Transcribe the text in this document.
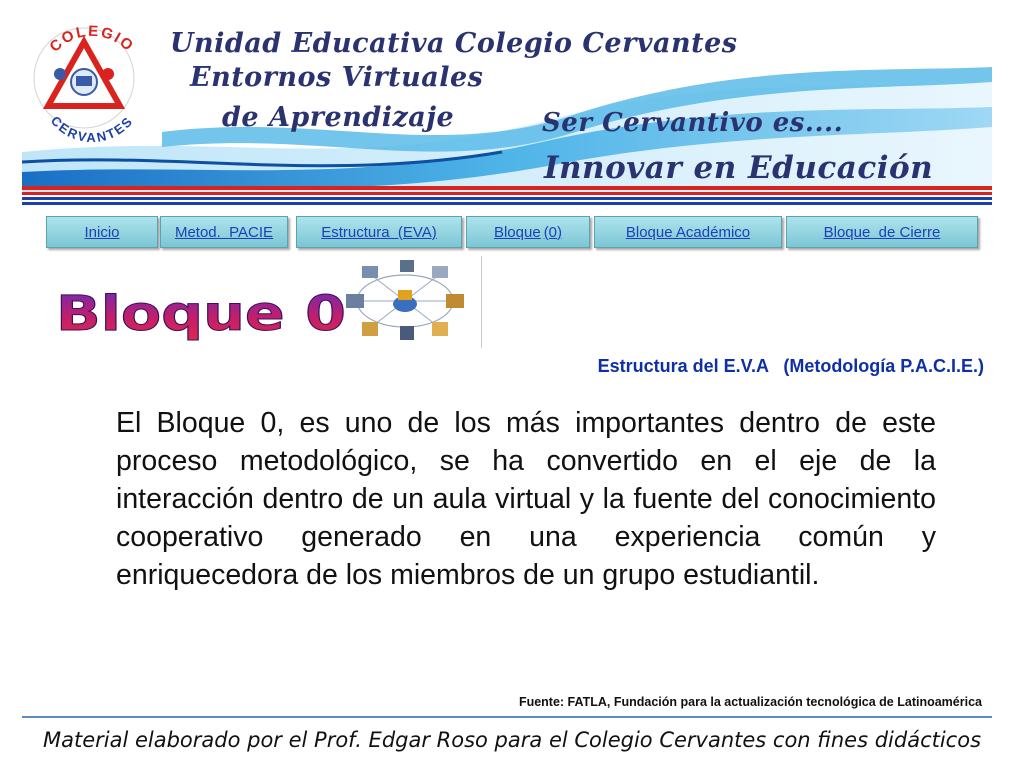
COLEGIO
CERVANTES
Unidad Educativa Colegio Cervantes
Entornos Virtuales
de Aprendizaje	Ser Cervantivo es....
Innovar en Educación
Inicio	Metod.  PACIE	Estructura  (EVA)	Bloque (0)	Bloque Académico	Bloque  de Cierre
Bloque 0
Estructura del E.V.A   (Metodología P.A.C.I.E.)
El Bloque 0, es uno de los más importantes dentro de este proceso metodológico, se ha convertido en el eje de la interacción dentro de un aula virtual y la fuente del conocimiento cooperativo generado en una experiencia común y enriquecedora de los miembros de un grupo estudiantil.
Fuente: FATLA, Fundación para la actualización tecnológica de Latinoamérica
Material elaborado por el Prof. Edgar Roso para el Colegio Cervantes con fines didácticos
